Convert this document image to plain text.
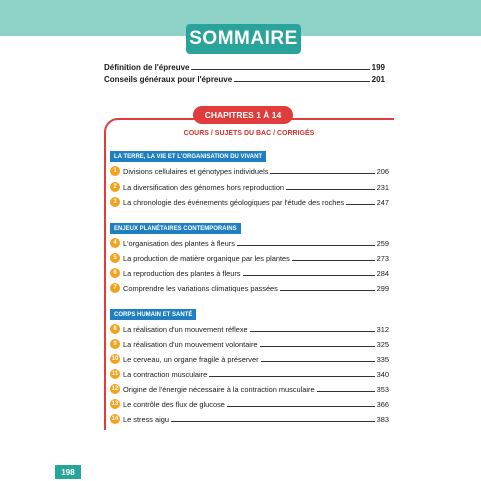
SOMMAIRE
Définition de l'épreuve	199
Conseils généraux pour l'épreuve	201
CHAPITRES 1 À 14
COURS / SUJETS DU BAC / CORRIGÉS
LA TERRE, LA VIE ET L'ORGANISATION DU VIVANT
1 Divisions cellulaires et génotypes individuels	206
2 La diversification des génomes hors reproduction	231
3 La chronologie des événements géologiques par l'étude des roches	247
ENJEUX PLANÉTAIRES CONTEMPORAINS
4 L'organisation des plantes à fleurs	259
5 La production de matière organique par les plantes	273
6 La reproduction des plantes à fleurs	284
7 Comprendre les variations climatiques passées	299
CORPS HUMAIN ET SANTÉ
8 La réalisation d'un mouvement réflexe	312
9 La réalisation d'un mouvement volontaire	325
10 Le cerveau, un organe fragile à préserver	335
11 La contraction musculaire	340
12 Origine de l'énergie nécessaire à la contraction musculaire	353
13 Le contrôle des flux de glucose	366
14 Le stress aigu	383
198
